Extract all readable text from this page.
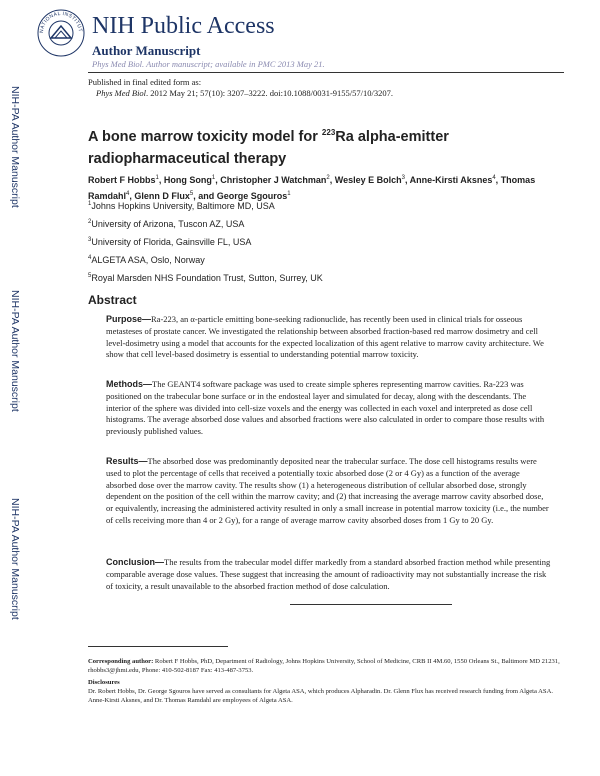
NATIONAL INSTITUT NIH Public Access
Author Manuscript
Phys Med Biol. Author manuscript; available in PMC 2013 May 21.
Published in final edited form as:
Phys Med Biol. 2012 May 21; 57(10): 3207–3222. doi:10.1088/0031-9155/57/10/3207.
NIH-PA Author Manuscript
NIH-PA Author Manuscript
NIH-PA Author Manuscript
A bone marrow toxicity model for $^{223}$Ra alpha-emitter radiopharmaceutical therapy
Robert F Hobbs$^1$, Hong Song$^1$, Christopher J Watchman$^2$, Wesley E Bolch$^3$, Anne-Kirsti Aksnes$^4$, Thomas Ramdahl$^4$, Glenn D Flux$^5$, and George Sgouros$^1$
$^1$Johns Hopkins University, Baltimore MD, USA
$^2$University of Arizona, Tuscon AZ, USA
$^3$University of Florida, Gainsville FL, USA
$^4$ALGETA ASA, Oslo, Norway
$^5$Royal Marsden NHS Foundation Trust, Sutton, Surrey, UK
Abstract
Purpose—Ra-223, an α-particle emitting bone-seeking radionuclide, has recently been used in clinical trials for osseous metasteses of prostate cancer. We investigated the relationship between absorbed fraction-based red marrow dosimetry and cell level-dosimetry using a model that accounts for the expected localization of this agent relative to marrow cavity architecture. We show that cell level-based dosimetry is essential to understanding potential marrow toxicity.
Methods—The GEANT4 software package was used to create simple spheres representing marrow cavities. Ra-223 was positioned on the trabecular bone surface or in the endosteal layer and simulated for decay, along with the descendants. The interior of the sphere was divided into cell-size voxels and the energy was collected in each voxel and interpreted as dose cell histograms. The average absorbed dose values and absorbed fractions were also calculated in order to compare those results with previously published values.
Results—The absorbed dose was predominantly deposited near the trabecular surface. The dose cell histograms results were used to plot the percentage of cells that received a potentially toxic absorbed dose (2 or 4 Gy) as a function of the average absorbed dose over the marrow cavity. The results show (1) a heterogeneous distribution of cellular absorbed dose, strongly dependent on the position of the cell within the marrow cavity; and (2) that increasing the average marrow cavity absorbed dose, or equivalently, increasing the administered activity resulted in only a small increase in potential marrow toxicity (i.e., the number of cells receiving more than 4 or 2 Gy), for a range of average marrow cavity absorbed doses from 1 Gy to 20 Gy.
Conclusion—The results from the trabecular model differ markedly from a standard absorbed fraction method while presenting comparable average dose values. These suggest that increasing the amount of radioactivity may not substantially increase the risk of toxicity, a result unavailable to the absorbed fraction method of dose calculation.
Corresponding author: Robert F Hobbs, PhD, Department of Radiology, Johns Hopkins University, School of Medicine, CRB II 4M.60, 1550 Orleans St., Baltimore MD 21231, rhobbs3@jhmi.edu, Phone: 410-502-8187 Fax: 413-487-3753.
Disclosures
Dr. Robert Hobbs, Dr. George Sgouros have served as consultants for Algeta ASA, which produces Alpharadin. Dr. Glenn Flux has received research funding from Algeta ASA. Anne-Kirsti Aksnes, and Dr. Thomas Ramdahl are employees of Algeta ASA.
